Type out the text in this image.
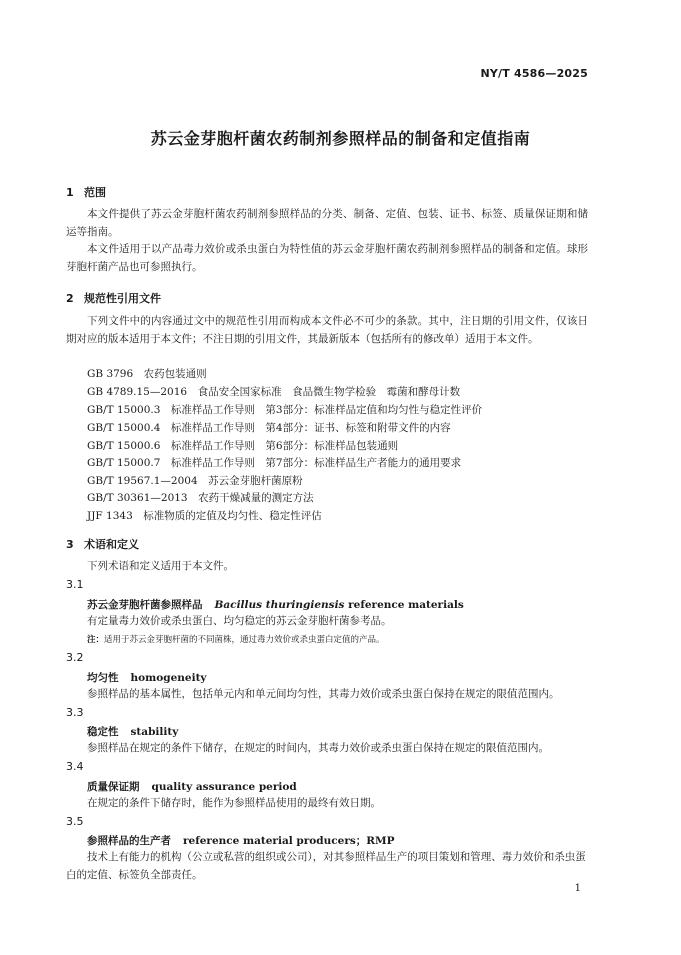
NY/T 4586—2025
苏云金芽胞杆菌农药制剂参照样品的制备和定值指南
1 范围
本文件提供了苏云金芽胞杆菌农药制剂参照样品的分类、制备、定值、包装、证书、标签、质量保证期和储运等指南。
本文件适用于以产品毒力效价或杀虫蛋白为特性值的苏云金芽胞杆菌农药制剂参照样品的制备和定值。球形芽胞杆菌产品也可参照执行。
2 规范性引用文件
下列文件中的内容通过文中的规范性引用而构成本文件必不可少的条款。其中，注日期的引用文件，仅该日期对应的版本适用于本文件；不注日期的引用文件，其最新版本（包括所有的修改单）适用于本文件。
GB 3796　农药包装通则
GB 4789.15—2016　食品安全国家标准　食品微生物学检验　霉菌和酵母计数
GB/T 15000.3　标准样品工作导则　第3部分：标准样品定值和均匀性与稳定性评价
GB/T 15000.4　标准样品工作导则　第4部分：证书、标签和附带文件的内容
GB/T 15000.6　标准样品工作导则　第6部分：标准样品包装通则
GB/T 15000.7　标准样品工作导则　第7部分：标准样品生产者能力的通用要求
GB/T 19567.1—2004　苏云金芽胞杆菌原粉
GB/T 30361—2013　农药干燥减量的测定方法
JJF 1343　标准物质的定值及均匀性、稳定性评估
3 术语和定义
下列术语和定义适用于本文件。
3.1
苏云金芽胞杆菌参照样品 Bacillus thuringiensis reference materials
有定量毒力效价或杀虫蛋白、均匀稳定的苏云金芽胞杆菌参考品。
注：适用于苏云金芽胞杆菌的不同菌株，通过毒力效价或杀虫蛋白定值的产品。
3.2
均匀性 homogeneity
参照样品的基本属性，包括单元内和单元间均匀性，其毒力效价或杀虫蛋白保持在规定的限值范围内。
3.3
稳定性 stability
参照样品在规定的条件下储存，在规定的时间内，其毒力效价或杀虫蛋白保持在规定的限值范围内。
3.4
质量保证期 quality assurance period
在规定的条件下储存时，能作为参照样品使用的最终有效日期。
3.5
参照样品的生产者 reference material producers；RMP
技术上有能力的机构（公立或私营的组织或公司），对其参照样品生产的项目策划和管理、毒力效价和杀虫蛋白的定值、标签负全部责任。
1
